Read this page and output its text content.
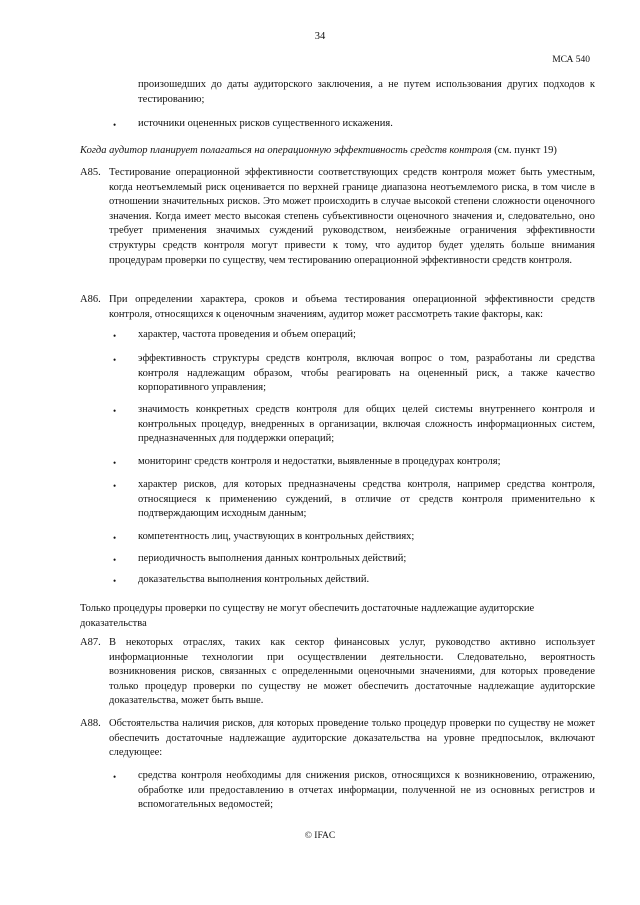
34
МСА 540
произошедших до даты аудиторского заключения, а не путем использования других подходов к тестированию;
• источники оцененных рисков существенного искажения.
Когда аудитор планирует полагаться на операционную эффективность средств контроля (см. пункт 19)
A85. Тестирование операционной эффективности соответствующих средств контроля может быть уместным, когда неотъемлемый риск оценивается по верхней границе диапазона неотъемлемого риска, в том числе в отношении значительных рисков. Это может происходить в случае высокой степени сложности оценочного значения. Когда имеет место высокая степень субъективности оценочного значения и, следовательно, оно требует применения значимых суждений руководством, неизбежные ограничения эффективности структуры средств контроля могут привести к тому, что аудитор будет уделять больше внимания процедурам проверки по существу, чем тестированию операционной эффективности средств контроля.
A86. При определении характера, сроков и объема тестирования операционной эффективности средств контроля, относящихся к оценочным значениям, аудитор может рассмотреть такие факторы, как:
• характер, частота проведения и объем операций;
• эффективность структуры средств контроля, включая вопрос о том, разработаны ли средства контроля надлежащим образом, чтобы реагировать на оцененный риск, а также качество корпоративного управления;
• значимость конкретных средств контроля для общих целей системы внутреннего контроля и контрольных процедур, внедренных в организации, включая сложность информационных систем, предназначенных для поддержки операций;
• мониторинг средств контроля и недостатки, выявленные в процедурах контроля;
• характер рисков, для которых предназначены средства контроля, например средства контроля, относящиеся к применению суждений, в отличие от средств контроля применительно к подтверждающим исходным данным;
• компетентность лиц, участвующих в контрольных действиях;
• периодичность выполнения данных контрольных действий;
• доказательства выполнения контрольных действий.
Только процедуры проверки по существу не могут обеспечить достаточные надлежащие аудиторские доказательства
A87. В некоторых отраслях, таких как сектор финансовых услуг, руководство активно использует информационные технологии при осуществлении деятельности. Следовательно, вероятность возникновения рисков, связанных с определенными оценочными значениями, для которых проведение только процедур проверки по существу не может обеспечить достаточные надлежащие аудиторские доказательства, может быть выше.
A88. Обстоятельства наличия рисков, для которых проведение только процедур проверки по существу не может обеспечить достаточные надлежащие аудиторские доказательства на уровне предпосылок, включают следующее:
• средства контроля необходимы для снижения рисков, относящихся к возникновению, отражению, обработке или предоставлению в отчетах информации, полученной не из основных регистров и вспомогательных ведомостей;
© IFAC
